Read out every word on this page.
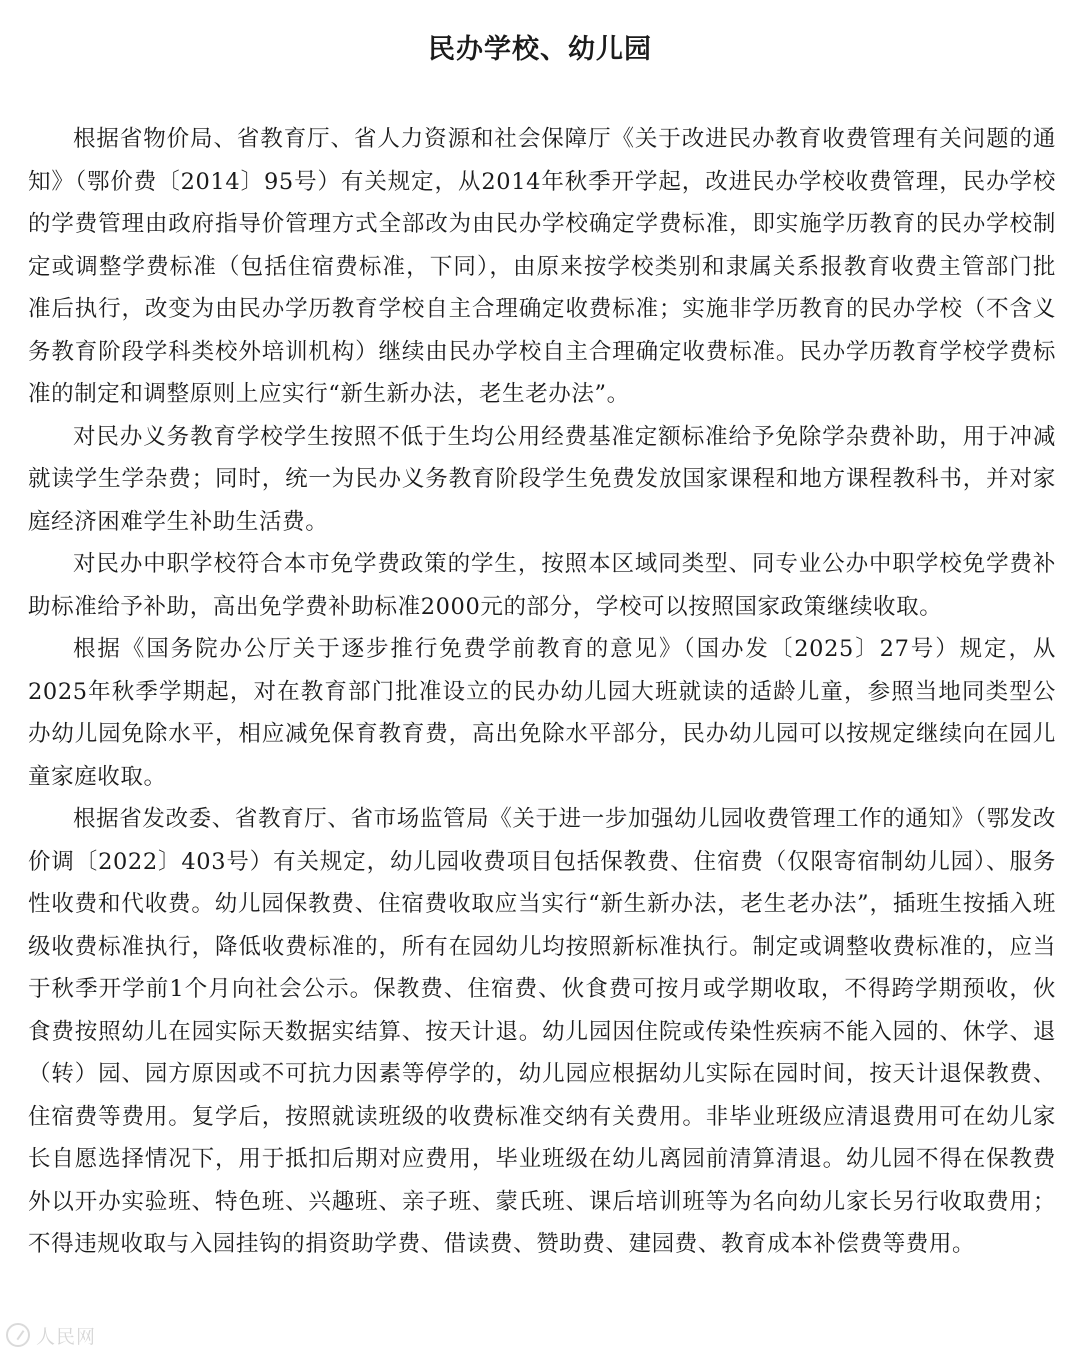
民办学校、幼儿园

根据省物价局、省教育厅、省人力资源和社会保障厅《关于改进民办教育收费管理有关问题的通知》（鄂价费〔2014〕95号）有关规定，从2014年秋季开学起，改进民办学校收费管理，民办学校的学费管理由政府指导价管理方式全部改为由民办学校确定学费标准，即实施学历教育的民办学校制定或调整学费标准（包括住宿费标准，下同），由原来按学校类别和隶属关系报教育收费主管部门批准后执行，改变为由民办学历教育学校自主合理确定收费标准；实施非学历教育的民办学校（不含义务教育阶段学科类校外培训机构）继续由民办学校自主合理确定收费标准。民办学历教育学校学费标准的制定和调整原则上应实行“新生新办法，老生老办法”。

对民办义务教育学校学生按照不低于生均公用经费基准定额标准给予免除学杂费补助，用于冲减就读学生学杂费；同时，统一为民办义务教育阶段学生免费发放国家课程和地方课程教科书，并对家庭经济困难学生补助生活费。

对民办中职学校符合本市免学费政策的学生，按照本区域同类型、同专业公办中职学校免学费补助标准给予补助，高出免学费补助标准2000元的部分，学校可以按照国家政策继续收取。

根据《国务院办公厅关于逐步推行免费学前教育的意见》（国办发〔2025〕27号）规定，从2025年秋季学期起，对在教育部门批准设立的民办幼儿园大班就读的适龄儿童，参照当地同类型公办幼儿园免除水平，相应减免保育教育费，高出免除水平部分，民办幼儿园可以按规定继续向在园儿童家庭收取。

根据省发改委、省教育厅、省市场监管局《关于进一步加强幼儿园收费管理工作的通知》（鄂发改价调〔2022〕403号）有关规定，幼儿园收费项目包括保教费、住宿费（仅限寄宿制幼儿园）、服务性收费和代收费。幼儿园保教费、住宿费收取应当实行“新生新办法，老生老办法”，插班生按插入班级收费标准执行，降低收费标准的，所有在园幼儿均按照新标准执行。制定或调整收费标准的，应当于秋季开学前1个月向社会公示。保教费、住宿费、伙食费可按月或学期收取，不得跨学期预收，伙食费按照幼儿在园实际天数据实结算、按天计退。幼儿园因住院或传染性疾病不能入园的、休学、退（转）园、园方原因或不可抗力因素等停学的，幼儿园应根据幼儿实际在园时间，按天计退保教费、住宿费等费用。复学后，按照就读班级的收费标准交纳有关费用。非毕业班级应清退费用可在幼儿家长自愿选择情况下，用于抵扣后期对应费用，毕业班级在幼儿离园前清算清退。幼儿园不得在保教费外以开办实验班、特色班、兴趣班、亲子班、蒙氏班、课后培训班等为名向幼儿家长另行收取费用；不得违规收取与入园挂钩的捐资助学费、借读费、赞助费、建园费、教育成本补偿费等费用。

人民网
